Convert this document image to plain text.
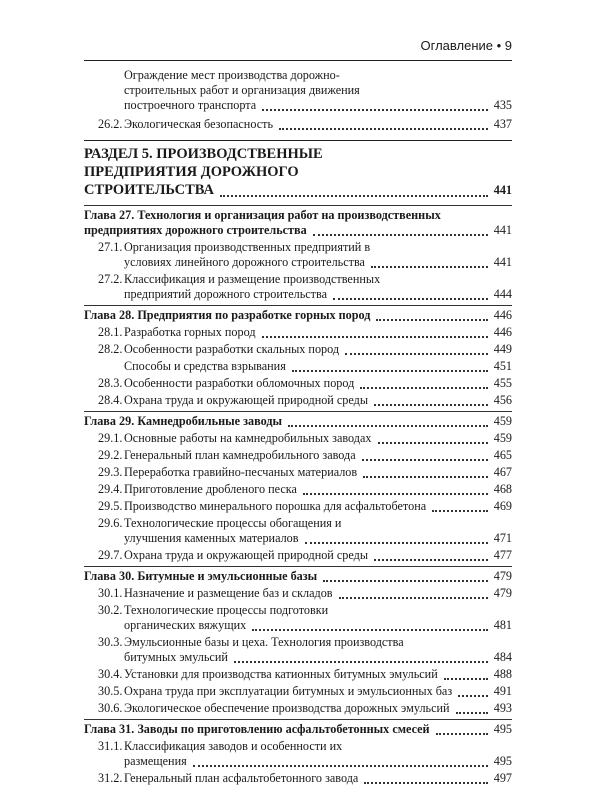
Оглавление • 9
Ограждение мест производства дорожно-строительных работ и организация движения построечного транспорта	435
26.2. Экологическая безопасность	437
РАЗДЕЛ 5. ПРОИЗВОДСТВЕННЫЕ ПРЕДПРИЯТИЯ ДОРОЖНОГО СТРОИТЕЛЬСТВА	441
Глава 27. Технология и организация работ на производственных предприятиях дорожного строительства	441
27.1. Организация производственных предприятий в условиях линейного дорожного строительства	441
27.2. Классификация и размещение производственных предприятий дорожного строительства	444
Глава 28. Предприятия по разработке горных пород	446
28.1. Разработка горных пород	446
28.2. Особенности разработки скальных пород	449
Способы и средства взрывания	451
28.3. Особенности разработки обломочных пород	455
28.4. Охрана труда и окружающей природной среды	456
Глава 29. Камнедробильные заводы	459
29.1. Основные работы на камнедробильных заводах	459
29.2. Генеральный план камнедробильного завода	465
29.3. Переработка гравийно-песчаных материалов	467
29.4. Приготовление дробленого песка	468
29.5. Производство минерального порошка для асфальтобетона	469
29.6. Технологические процессы обогащения и улучшения каменных материалов	471
29.7. Охрана труда и окружающей природной среды	477
Глава 30. Битумные и эмульсионные базы	479
30.1. Назначение и размещение баз и складов	479
30.2. Технологические процессы подготовки органических вяжущих	481
30.3. Эмульсионные базы и цеха. Технология производства битумных эмульсий	484
30.4. Установки для производства катионных битумных эмульсий	488
30.5. Охрана труда при эксплуатации битумных и эмульсионных баз	491
30.6. Экологическое обеспечение производства дорожных эмульсий	493
Глава 31. Заводы по приготовлению асфальтобетонных смесей	495
31.1. Классификация заводов и особенности их размещения	495
31.2. Генеральный план асфальтобетонного завода	497
